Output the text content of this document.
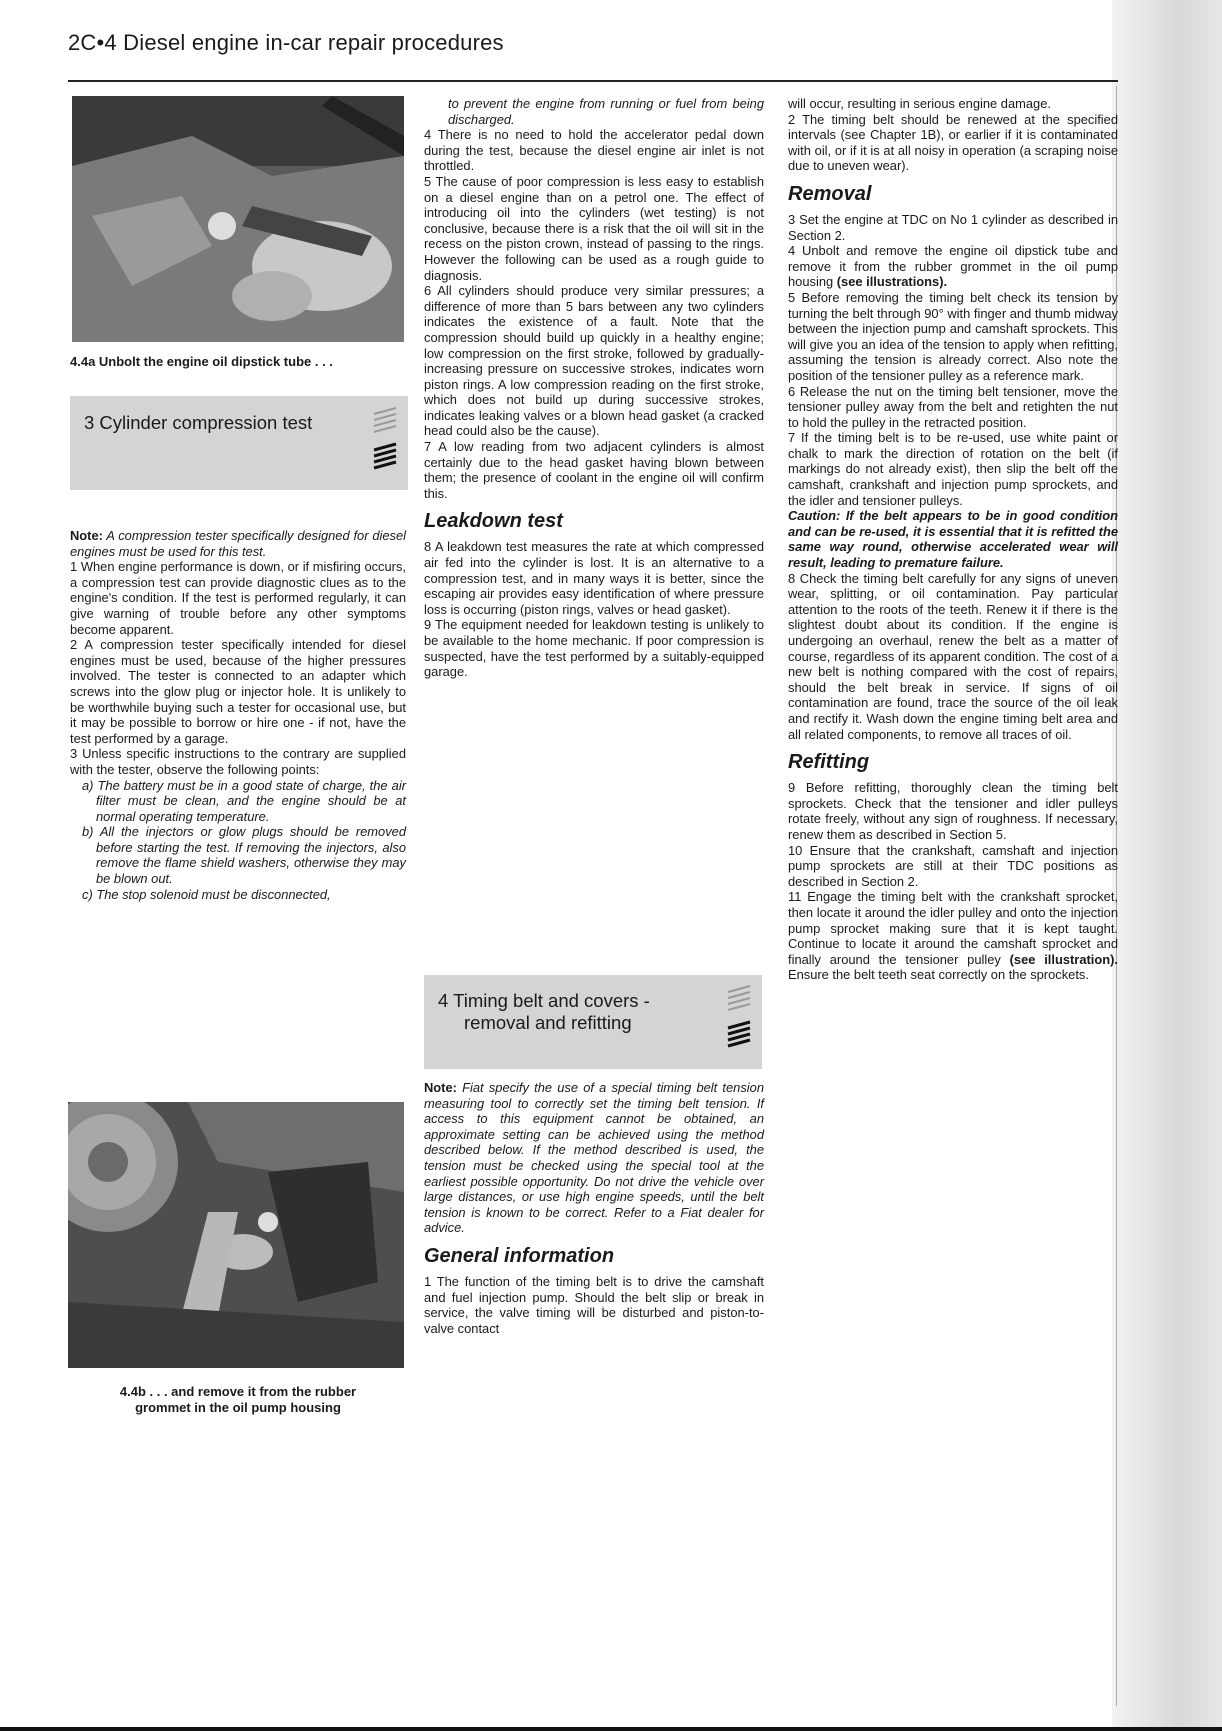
2C•4 Diesel engine in-car repair procedures
4.4a Unbolt the engine oil dipstick tube . . .
3 Cylinder compression test

Note: A compression tester specifically designed for diesel engines must be used for this test.

1 When engine performance is down, or if misfiring occurs, a compression test can provide diagnostic clues as to the engine's condition. If the test is performed regularly, it can give warning of trouble before any other symptoms become apparent.

2 A compression tester specifically intended for diesel engines must be used, because of the higher pressures involved. The tester is connected to an adapter which screws into the glow plug or injector hole. It is unlikely to be worthwhile buying such a tester for occasional use, but it may be possible to borrow or hire one - if not, have the test performed by a garage.

3 Unless specific instructions to the contrary are supplied with the tester, observe the following points:

a) The battery must be in a good state of charge, the air filter must be clean, and the engine should be at normal operating temperature.

b) All the injectors or glow plugs should be removed before starting the test. If removing the injectors, also remove the flame shield washers, otherwise they may be blown out.

c) The stop solenoid must be disconnected,

4.4b . . . and remove it from the rubber
grommet in the oil pump housing

to prevent the engine from running or fuel from being discharged.

4 There is no need to hold the accelerator pedal down during the test, because the diesel engine air inlet is not throttled.

5 The cause of poor compression is less easy to establish on a diesel engine than on a petrol one. The effect of introducing oil into the cylinders (wet testing) is not conclusive, because there is a risk that the oil will sit in the recess on the piston crown, instead of passing to the rings. However the following can be used as a rough guide to diagnosis.

6 All cylinders should produce very similar pressures; a difference of more than 5 bars between any two cylinders indicates the existence of a fault. Note that the compression should build up quickly in a healthy engine; low compression on the first stroke, followed by gradually-increasing pressure on successive strokes, indicates worn piston rings. A low compression reading on the first stroke, which does not build up during successive strokes, indicates leaking valves or a blown head gasket (a cracked head could also be the cause).

7 A low reading from two adjacent cylinders is almost certainly due to the head gasket having blown between them; the presence of coolant in the engine oil will confirm this.

Leakdown test

8 A leakdown test measures the rate at which compressed air fed into the cylinder is lost. It is an alternative to a compression test, and in many ways it is better, since the escaping air provides easy identification of where pressure loss is occurring (piston rings, valves or head gasket).

9 The equipment needed for leakdown testing is unlikely to be available to the home mechanic. If poor compression is suspected, have the test performed by a suitably-equipped garage.

4 Timing belt and covers -
removal and refitting

Note: Fiat specify the use of a special timing belt tension measuring tool to correctly set the timing belt tension. If access to this equipment cannot be obtained, an approximate setting can be achieved using the method described below. If the method described is used, the tension must be checked using the special tool at the earliest possible opportunity. Do not drive the vehicle over large distances, or use high engine speeds, until the belt tension is known to be correct. Refer to a Fiat dealer for advice.

General information

1 The function of the timing belt is to drive the camshaft and fuel injection pump. Should the belt slip or break in service, the valve timing will be disturbed and piston-to-valve contact

will occur, resulting in serious engine damage.

2 The timing belt should be renewed at the specified intervals (see Chapter 1B), or earlier if it is contaminated with oil, or if it is at all noisy in operation (a scraping noise due to uneven wear).

Removal

3 Set the engine at TDC on No 1 cylinder as described in Section 2.

4 Unbolt and remove the engine oil dipstick tube and remove it from the rubber grommet in the oil pump housing (see illustrations).

5 Before removing the timing belt check its tension by turning the belt through 90° with finger and thumb midway between the injection pump and camshaft sprockets. This will give you an idea of the tension to apply when refitting, assuming the tension is already correct. Also note the position of the tensioner pulley as a reference mark.

6 Release the nut on the timing belt tensioner, move the tensioner pulley away from the belt and retighten the nut to hold the pulley in the retracted position.

7 If the timing belt is to be re-used, use white paint or chalk to mark the direction of rotation on the belt (if markings do not already exist), then slip the belt off the camshaft, crankshaft and injection pump sprockets, and the idler and tensioner pulleys.

Caution: If the belt appears to be in good condition and can be re-used, it is essential that it is refitted the same way round, otherwise accelerated wear will result, leading to premature failure.

8 Check the timing belt carefully for any signs of uneven wear, splitting, or oil contamination. Pay particular attention to the roots of the teeth. Renew it if there is the slightest doubt about its condition. If the engine is undergoing an overhaul, renew the belt as a matter of course, regardless of its apparent condition. The cost of a new belt is nothing compared with the cost of repairs, should the belt break in service. If signs of oil contamination are found, trace the source of the oil leak and rectify it. Wash down the engine timing belt area and all related components, to remove all traces of oil.

Refitting

9 Before refitting, thoroughly clean the timing belt sprockets. Check that the tensioner and idler pulleys rotate freely, without any sign of roughness. If necessary, renew them as described in Section 5.

10 Ensure that the crankshaft, camshaft and injection pump sprockets are still at their TDC positions as described in Section 2.

11 Engage the timing belt with the crankshaft sprocket, then locate it around the idler pulley and onto the injection pump sprocket making sure that it is kept taught. Continue to locate it around the camshaft sprocket and finally around the tensioner pulley (see illustration). Ensure the belt teeth seat correctly on the sprockets.
